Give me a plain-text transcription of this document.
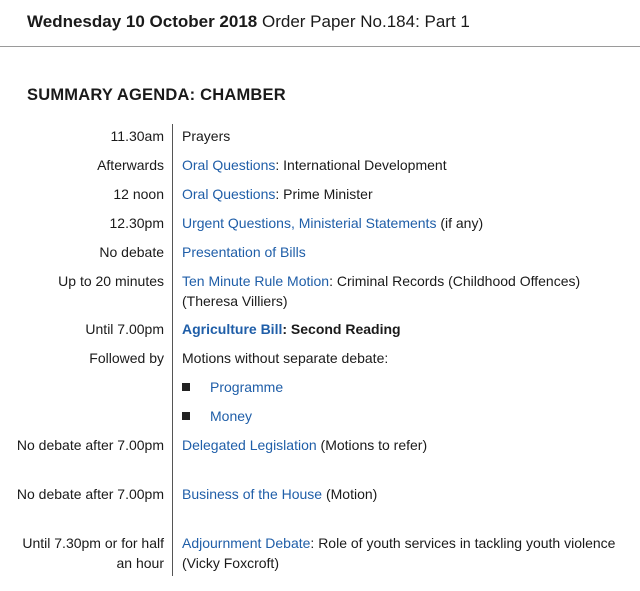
Wednesday 10 October 2018 Order Paper No.184: Part 1
SUMMARY AGENDA: CHAMBER
11.30am Prayers
Afterwards Oral Questions: International Development
12 noon Oral Questions: Prime Minister
12.30pm Urgent Questions, Ministerial Statements (if any)
No debate Presentation of Bills
Up to 20 minutes Ten Minute Rule Motion: Criminal Records (Childhood Offences) (Theresa Villiers)
Until 7.00pm Agriculture Bill: Second Reading
Followed by Motions without separate debate:
Programme
Money
No debate after 7.00pm Delegated Legislation (Motions to refer)
No debate after 7.00pm Business of the House (Motion)
Until 7.30pm or for half an hour
Adjournment Debate: Role of youth services in tackling youth violence (Vicky Foxcroft)
